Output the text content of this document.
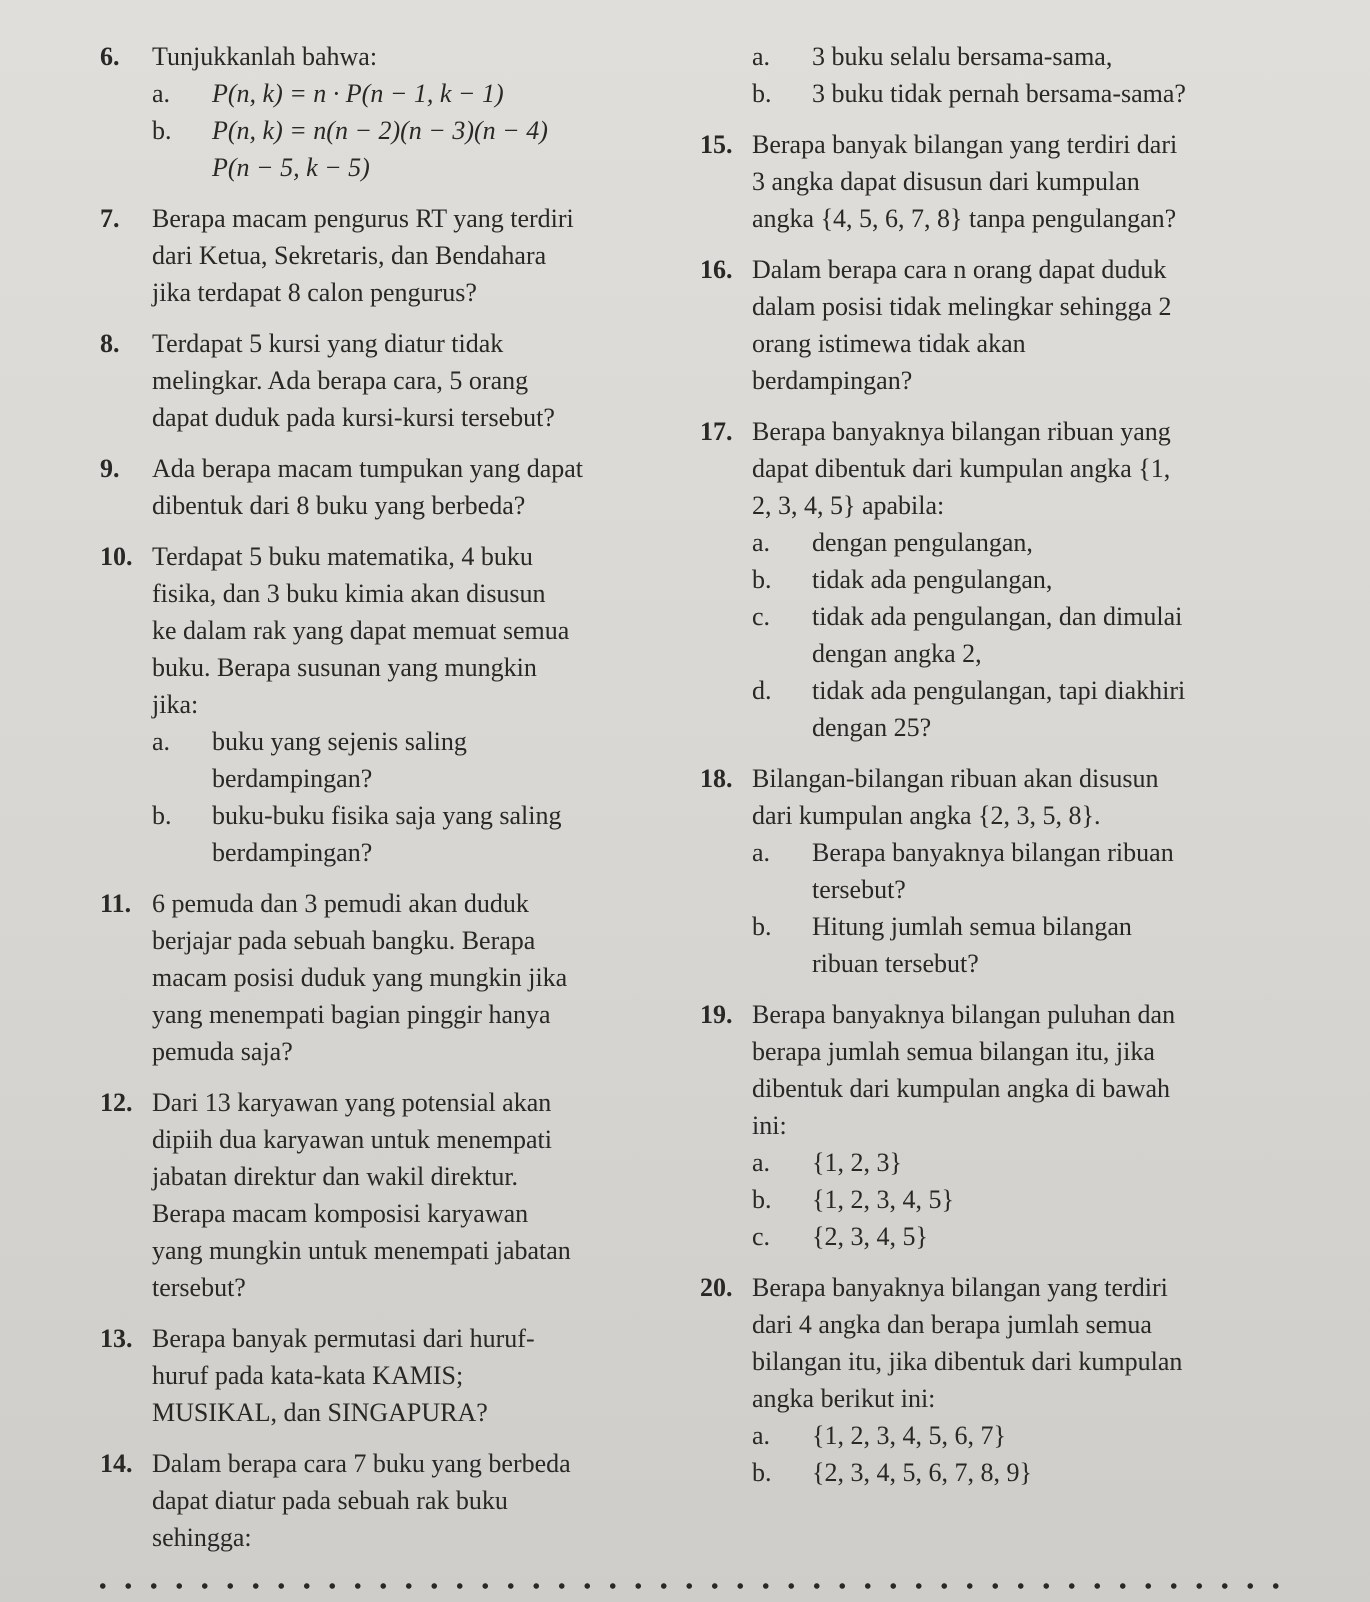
6. Tunjukkanlah bahwa:
a. P(n, k) = n · P(n − 1, k − 1)
b. P(n, k) = n(n − 2)(n − 3)(n − 4)
P(n − 5, k − 5)
7. Berapa macam pengurus RT yang terdiri
dari Ketua, Sekretaris, dan Bendahara
jika terdapat 8 calon pengurus?
8. Terdapat 5 kursi yang diatur tidak
melingkar. Ada berapa cara, 5 orang
dapat duduk pada kursi-kursi tersebut?
9. Ada berapa macam tumpukan yang dapat
dibentuk dari 8 buku yang berbeda?
10. Terdapat 5 buku matematika, 4 buku
fisika, dan 3 buku kimia akan disusun
ke dalam rak yang dapat memuat semua
buku. Berapa susunan yang mungkin
jika:
a. buku yang sejenis saling
berdampingan?
b. buku-buku fisika saja yang saling
berdampingan?
11. 6 pemuda dan 3 pemudi akan duduk
berjajar pada sebuah bangku. Berapa
macam posisi duduk yang mungkin jika
yang menempati bagian pinggir hanya
pemuda saja?
12. Dari 13 karyawan yang potensial akan
dipiih dua karyawan untuk menempati
jabatan direktur dan wakil direktur.
Berapa macam komposisi karyawan
yang mungkin untuk menempati jabatan
tersebut?
13. Berapa banyak permutasi dari huruf-
huruf pada kata-kata KAMIS;
MUSIKAL, dan SINGAPURA?
14. Dalam berapa cara 7 buku yang berbeda
dapat diatur pada sebuah rak buku
sehingga:
a. 3 buku selalu bersama-sama,
b. 3 buku tidak pernah bersama-sama?
15. Berapa banyak bilangan yang terdiri dari
3 angka dapat disusun dari kumpulan
angka {4, 5, 6, 7, 8} tanpa pengulangan?
16. Dalam berapa cara n orang dapat duduk
dalam posisi tidak melingkar sehingga 2
orang istimewa tidak akan
berdampingan?
17. Berapa banyaknya bilangan ribuan yang
dapat dibentuk dari kumpulan angka {1,
2, 3, 4, 5} apabila:
a. dengan pengulangan,
b. tidak ada pengulangan,
c. tidak ada pengulangan, dan dimulai
dengan angka 2,
d. tidak ada pengulangan, tapi diakhiri
dengan 25?
18. Bilangan-bilangan ribuan akan disusun
dari kumpulan angka {2, 3, 5, 8}.
a. Berapa banyaknya bilangan ribuan
tersebut?
b. Hitung jumlah semua bilangan
ribuan tersebut?
19. Berapa banyaknya bilangan puluhan dan
berapa jumlah semua bilangan itu, jika
dibentuk dari kumpulan angka di bawah
ini:
a. {1, 2, 3}
b. {1, 2, 3, 4, 5}
c. {2, 3, 4, 5}
20. Berapa banyaknya bilangan yang terdiri
dari 4 angka dan berapa jumlah semua
bilangan itu, jika dibentuk dari kumpulan
angka berikut ini:
a. {1, 2, 3, 4, 5, 6, 7}
b. {2, 3, 4, 5, 6, 7, 8, 9}
